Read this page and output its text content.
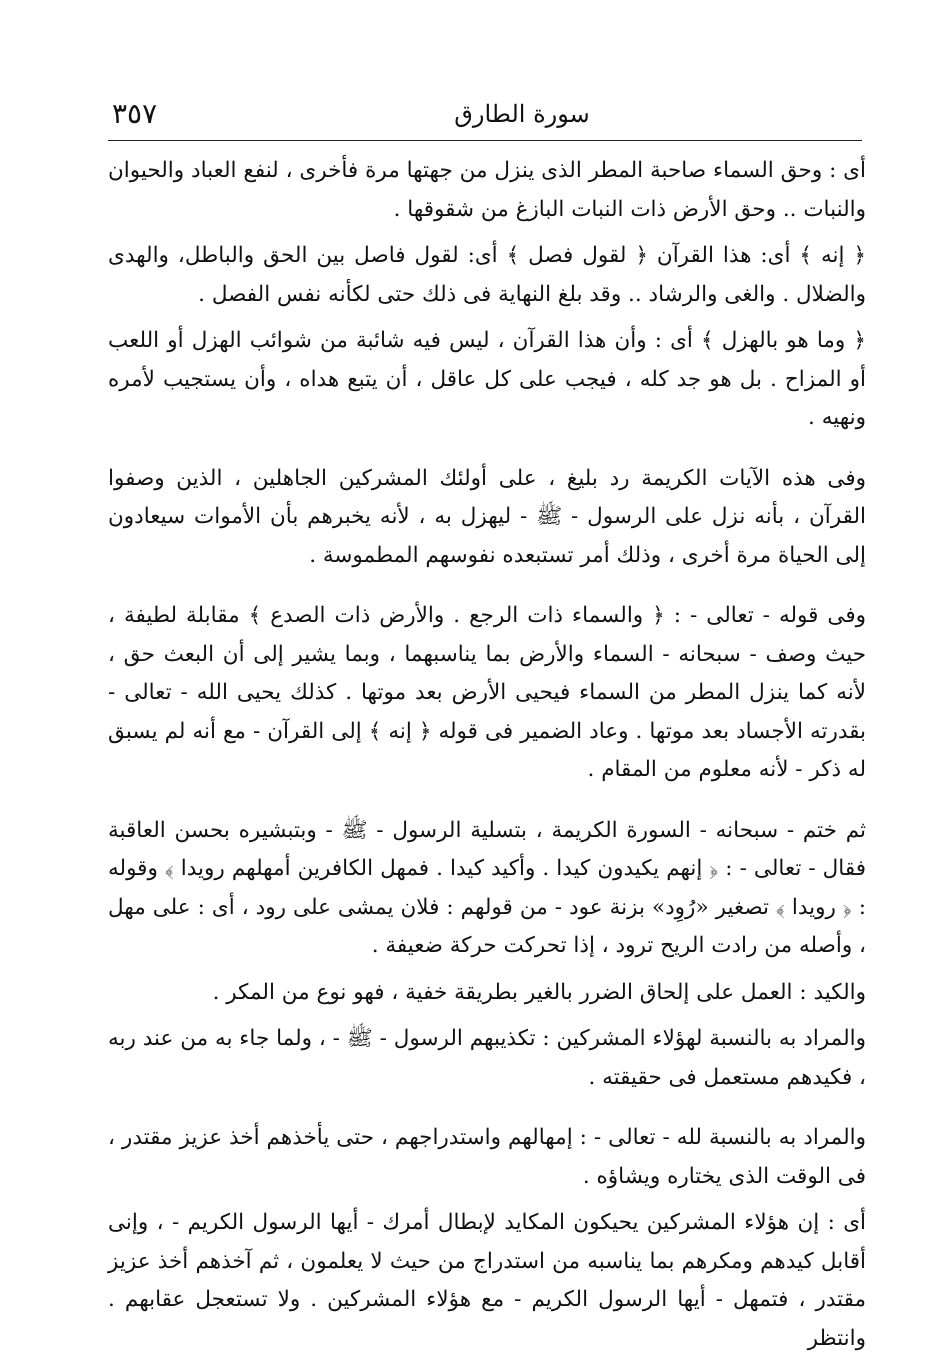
٣٥٧	سورة الطارق

أى : وحق السماء صاحبة المطر الذى ينزل من جهتها مرة فأخرى ، لنفع العباد والحيوان والنبات .. وحق الأرض ذات النبات البازغ من شقوقها .

﴿ إنه ﴾ أى: هذا القرآن ﴿ لقول فصل ﴾ أى: لقول فاصل بين الحق والباطل، والهدى والضلال . والغى والرشاد .. وقد بلغ النهاية فى ذلك حتى لكأنه نفس الفصل .

﴿ وما هو بالهزل ﴾ أى : وأن هذا القرآن ، ليس فيه شائبة من شوائب الهزل أو اللعب أو المزاح . بل هو جد كله ، فيجب على كل عاقل ، أن يتبع هداه ، وأن يستجيب لأمره ونهيه .

وفى هذه الآيات الكريمة رد بليغ ، على أولئك المشركين الجاهلين ، الذين وصفوا القرآن ، بأنه نزل على الرسول - ﷺ - ليهزل به ، لأنه يخبرهم بأن الأموات سيعادون إلى الحياة مرة أخرى ، وذلك أمر تستبعده نفوسهم المطموسة .

وفى قوله - تعالى - : ﴿ والسماء ذات الرجع . والأرض ذات الصدع ﴾ مقابلة لطيفة ، حيث وصف - سبحانه - السماء والأرض بما يناسبهما ، وبما يشير إلى أن البعث حق ، لأنه كما ينزل المطر من السماء فيحيى الأرض بعد موتها . كذلك يحيى الله - تعالى - بقدرته الأجساد بعد موتها . وعاد الضمير فى قوله ﴿ إنه ﴾ إلى القرآن - مع أنه لم يسبق له ذكر - لأنه معلوم من المقام .

ثم ختم - سبحانه - السورة الكريمة ، بتسلية الرسول - ﷺ - وبتبشيره بحسن العاقبة فقال - تعالى - : ﴿ إنهم يكيدون كيدا . وأكيد كيدا . فمهل الكافرين أمهلهم رويدا ﴾ وقوله : ﴿ رويدا ﴾ تصغير «رُوِد» بزنة عود - من قولهم : فلان يمشى على رود ، أى : على مهل ، وأصله من رادت الريح ترود ، إذا تحركت حركة ضعيفة .

والكيد : العمل على إلحاق الضرر بالغير بطريقة خفية ، فهو نوع من المكر .

والمراد به بالنسبة لهؤلاء المشركين : تكذيبهم الرسول - ﷺ - ، ولما جاء به من عند ربه ، فكيدهم مستعمل فى حقيقته .

والمراد به بالنسبة لله - تعالى - : إمهالهم واستدراجهم ، حتى يأخذهم أخذ عزيز مقتدر ، فى الوقت الذى يختاره ويشاؤه .

أى : إن هؤلاء المشركين يحيكون المكايد لإبطال أمرك - أيها الرسول الكريم - ، وإنى أقابل كيدهم ومكرهم بما يناسبه من استدراج من حيث لا يعلمون ، ثم آخذهم أخذ عزيز مقتدر ، فتمهل - أيها الرسول الكريم - مع هؤلاء المشركين . ولا تستعجل عقابهم . وانتظر
